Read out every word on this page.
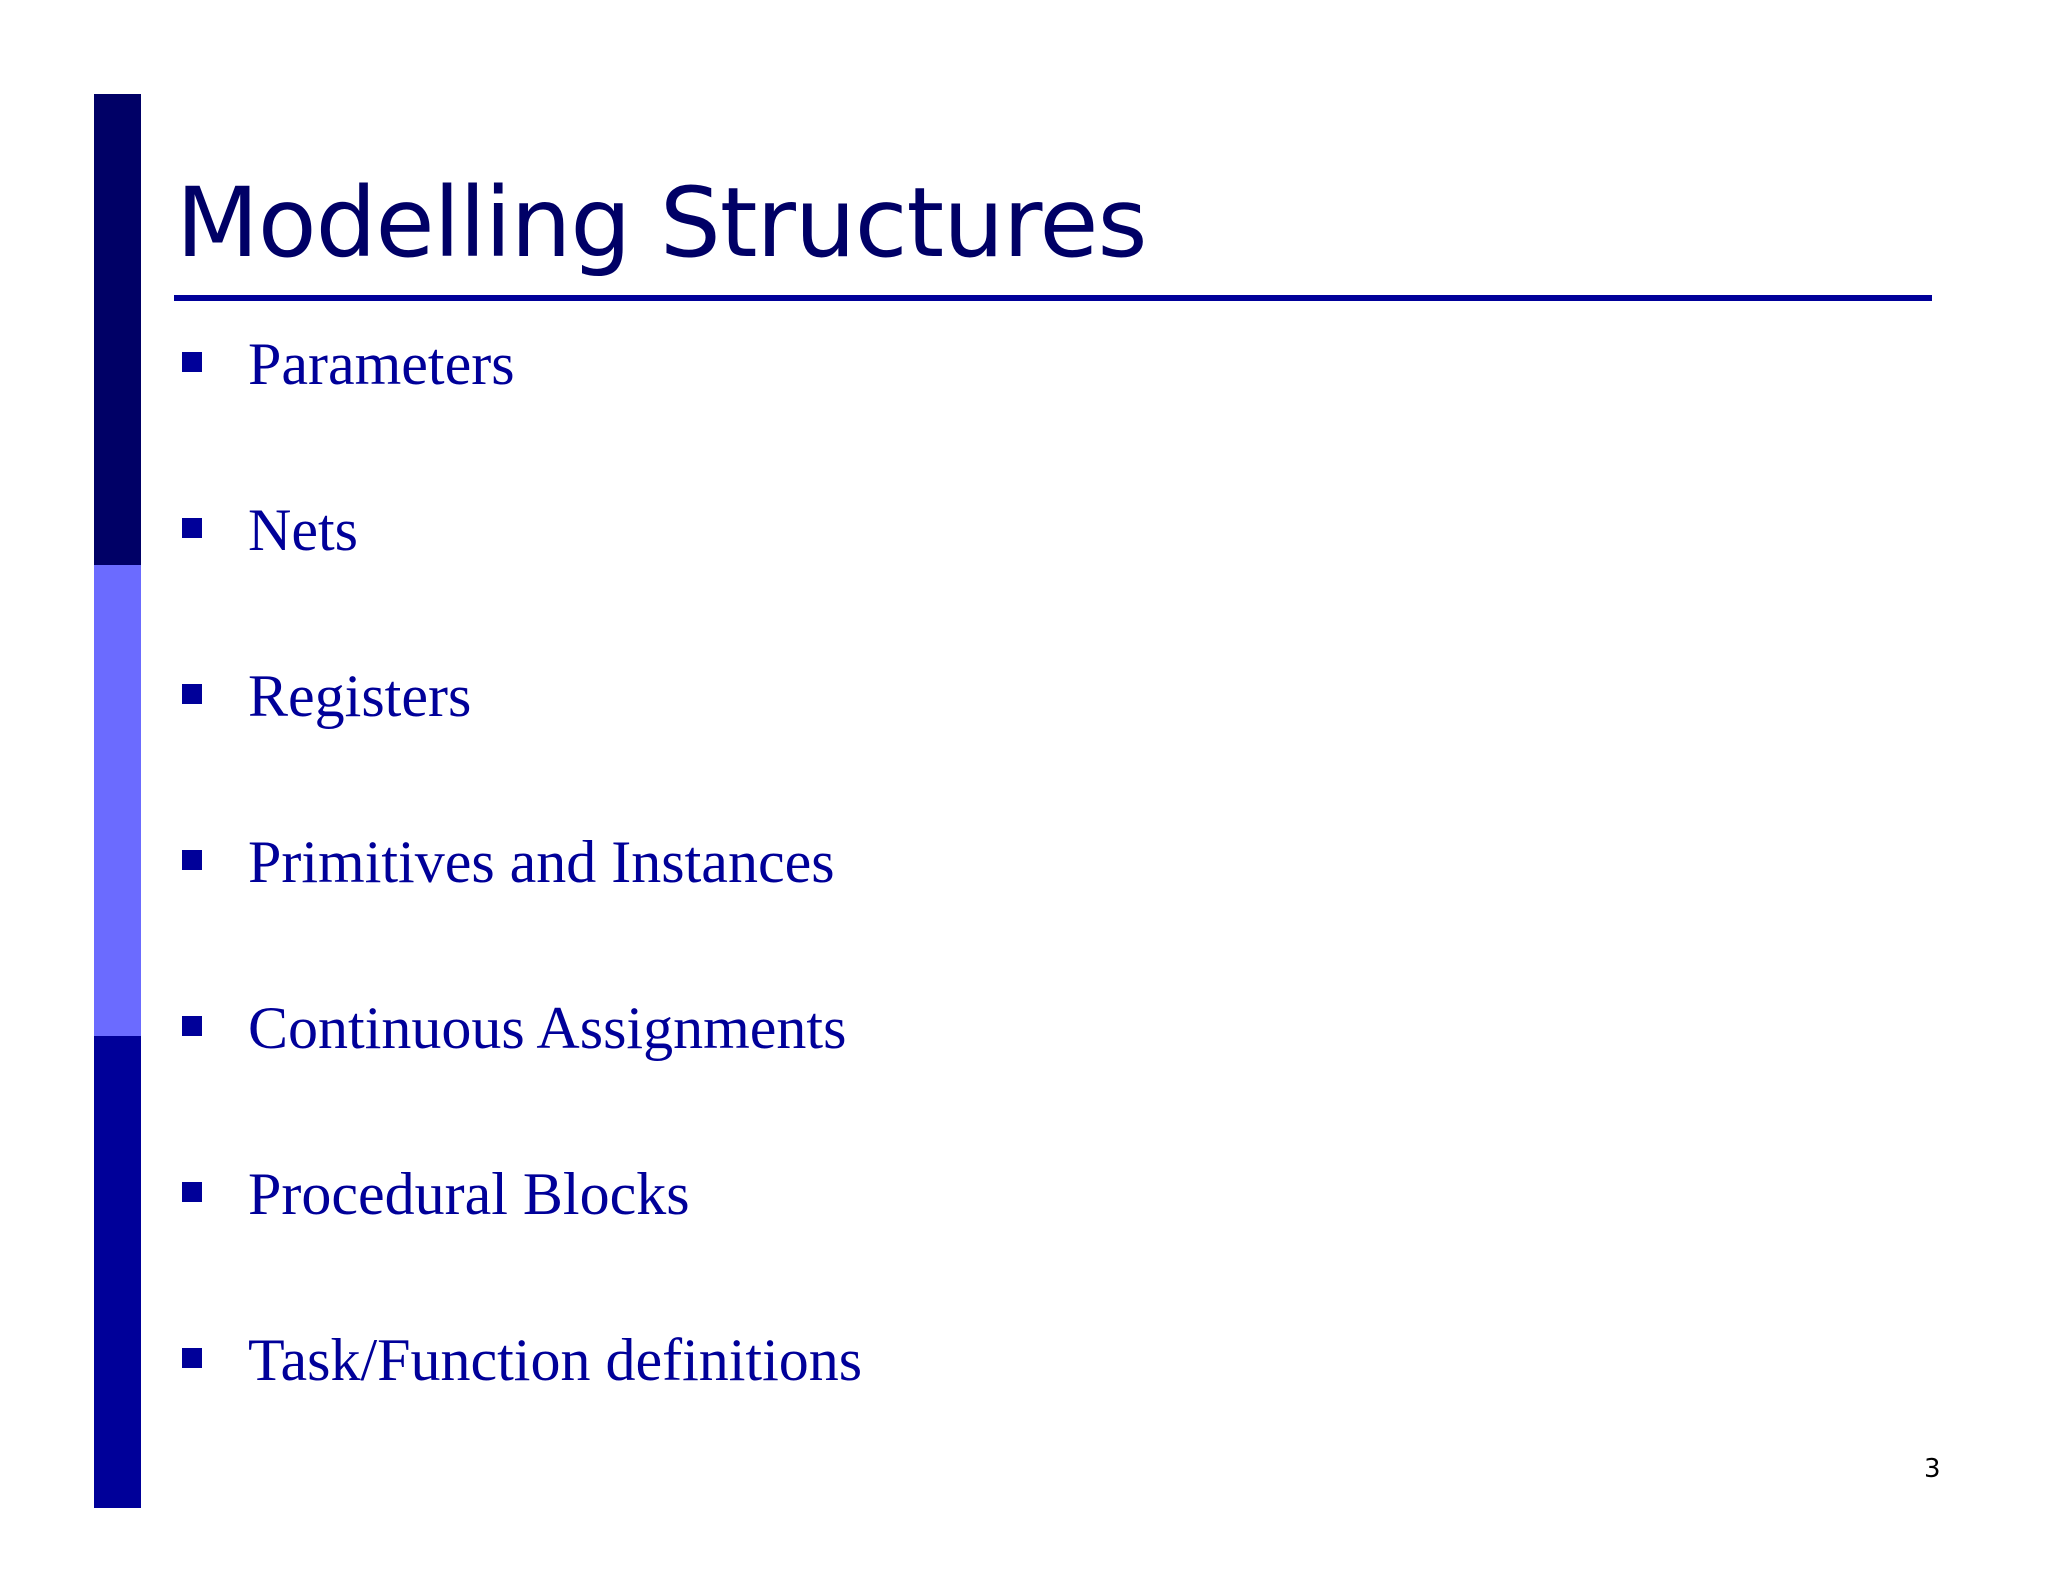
Modelling Structures
Parameters
Nets
Registers
Primitives and Instances
Continuous Assignments
Procedural Blocks
Task/Function definitions
3
